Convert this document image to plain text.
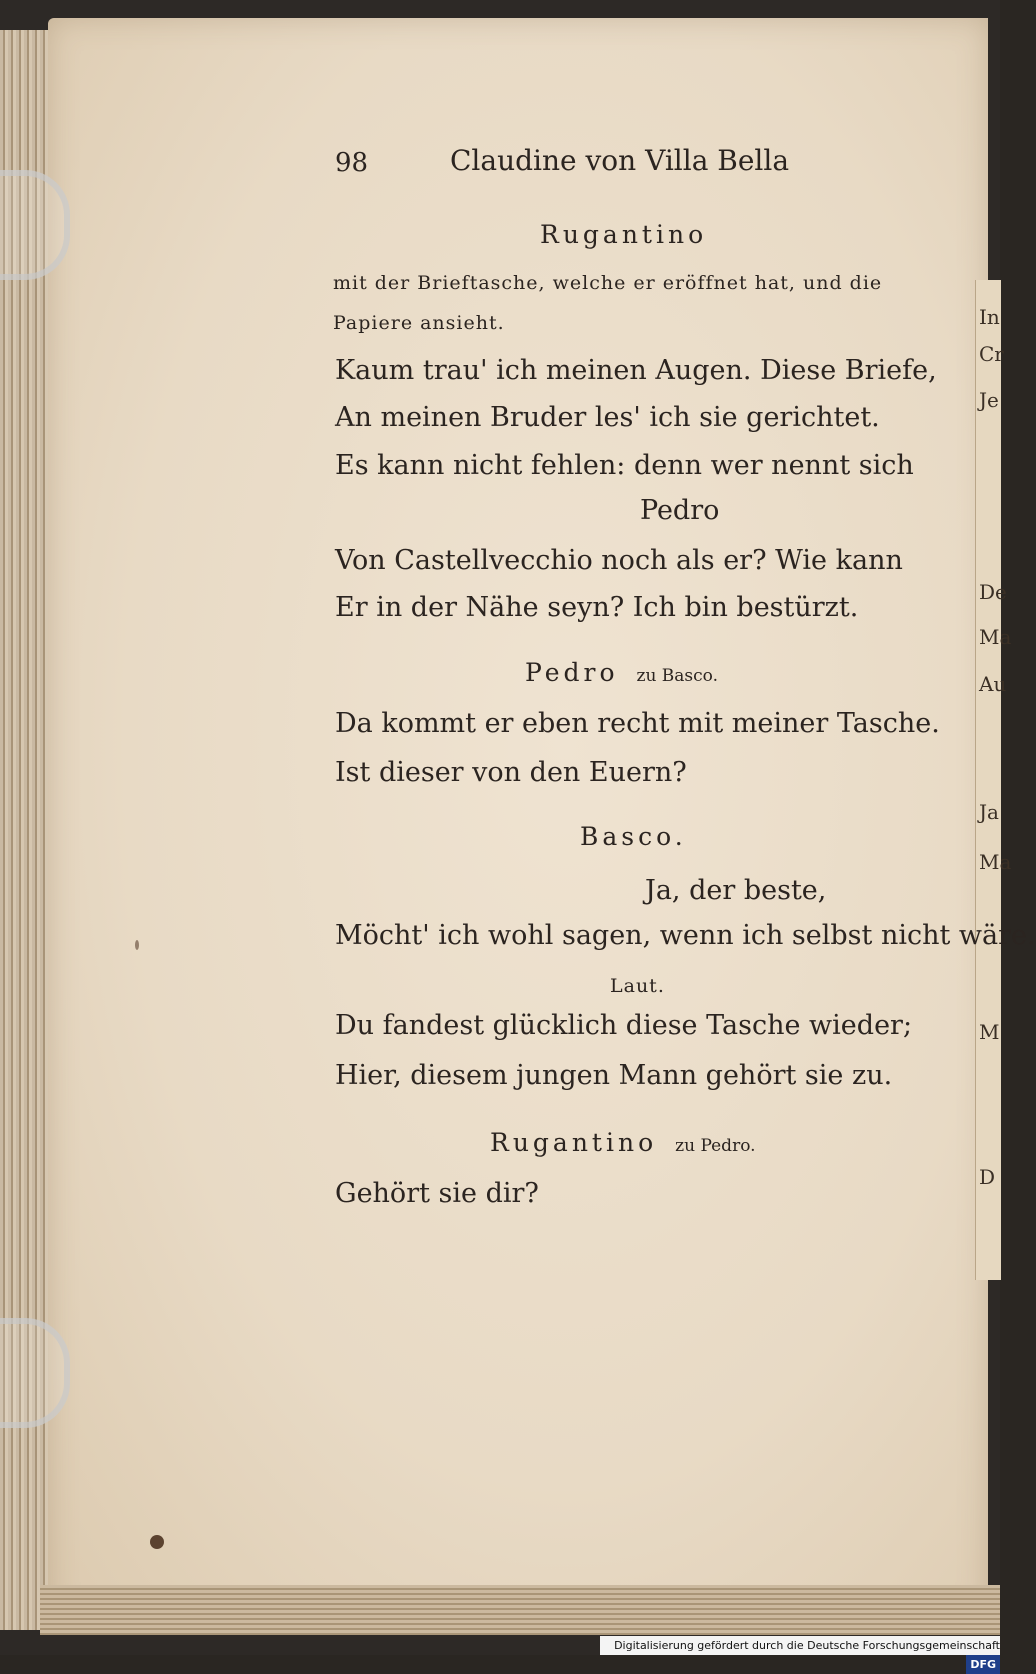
In
Cr
Je
De
Ma
Au
Ja
Ma
M
D
98	Claudine von Villa Bella
Rugantino
mit der Brieftasche, welche er eröffnet hat, und die
Papiere ansieht.
Kaum trau' ich meinen Augen. Diese Briefe,
An meinen Bruder les' ich sie gerichtet.
Es kann nicht fehlen: denn wer nennt sich
Pedro
Von Castellvecchio noch als er? Wie kann
Er in der Nähe seyn? Ich bin bestürzt.
Pedro zu Basco.
Da kommt er eben recht mit meiner Tasche.
Ist dieser von den Euern?
Basco.
Ja, der beste,
Möcht' ich wohl sagen, wenn ich selbst nicht wäre.
Laut.
Du fandest glücklich diese Tasche wieder;
Hier, diesem jungen Mann gehört sie zu.
Rugantino zu Pedro.
Gehört sie dir?
Digitalisierung gefördert durch die Deutsche ForschungsgemeinschaftDFG
